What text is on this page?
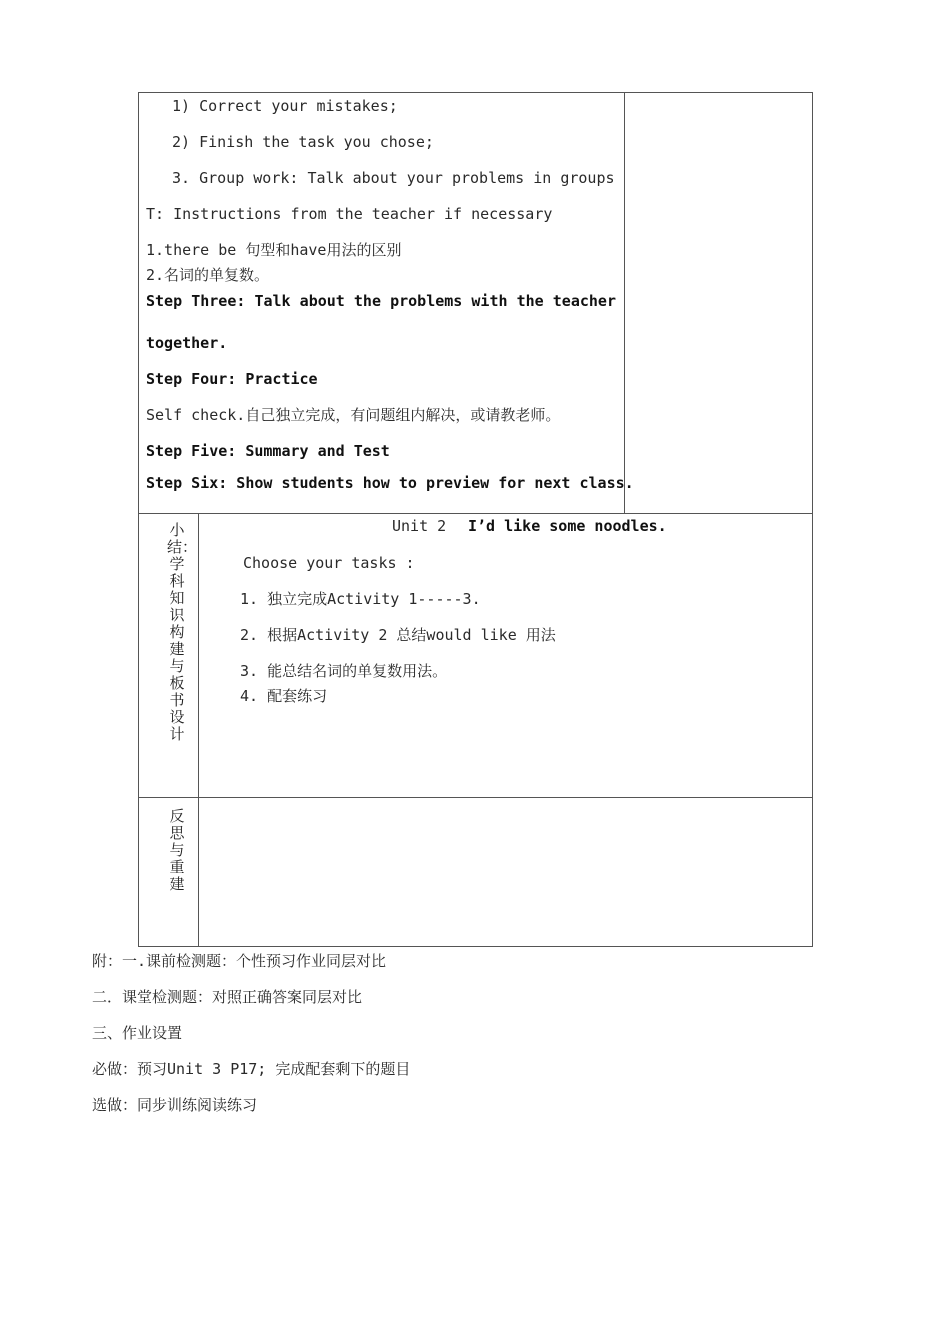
1) Correct your mistakes;
2) Finish the task you chose;
3. Group work: Talk about your problems in groups
T: Instructions from the teacher if necessary
1.there be 句型和have用法的区别
2.名词的单复数。
Step Three: Talk about the problems with the teacher
together.
Step Four: Practice
Self check.自己独立完成，有问题组内解决，或请教老师。
Step Five: Summary and Test
Step Six: Show students how to preview for next class.
小结：学科知识构建与板书设计
Unit 2 I’d like some noodles.
Choose your tasks :
1. 独立完成Activity 1-----3.
2. 根据Activity 2 总结would like 用法
3. 能总结名词的单复数用法。
4. 配套练习
反思与重建
附：一.课前检测题：个性预习作业同层对比
二．课堂检测题：对照正确答案同层对比
三、作业设置
必做：预习Unit 3 P17; 完成配套剩下的题目
选做：同步训练阅读练习
